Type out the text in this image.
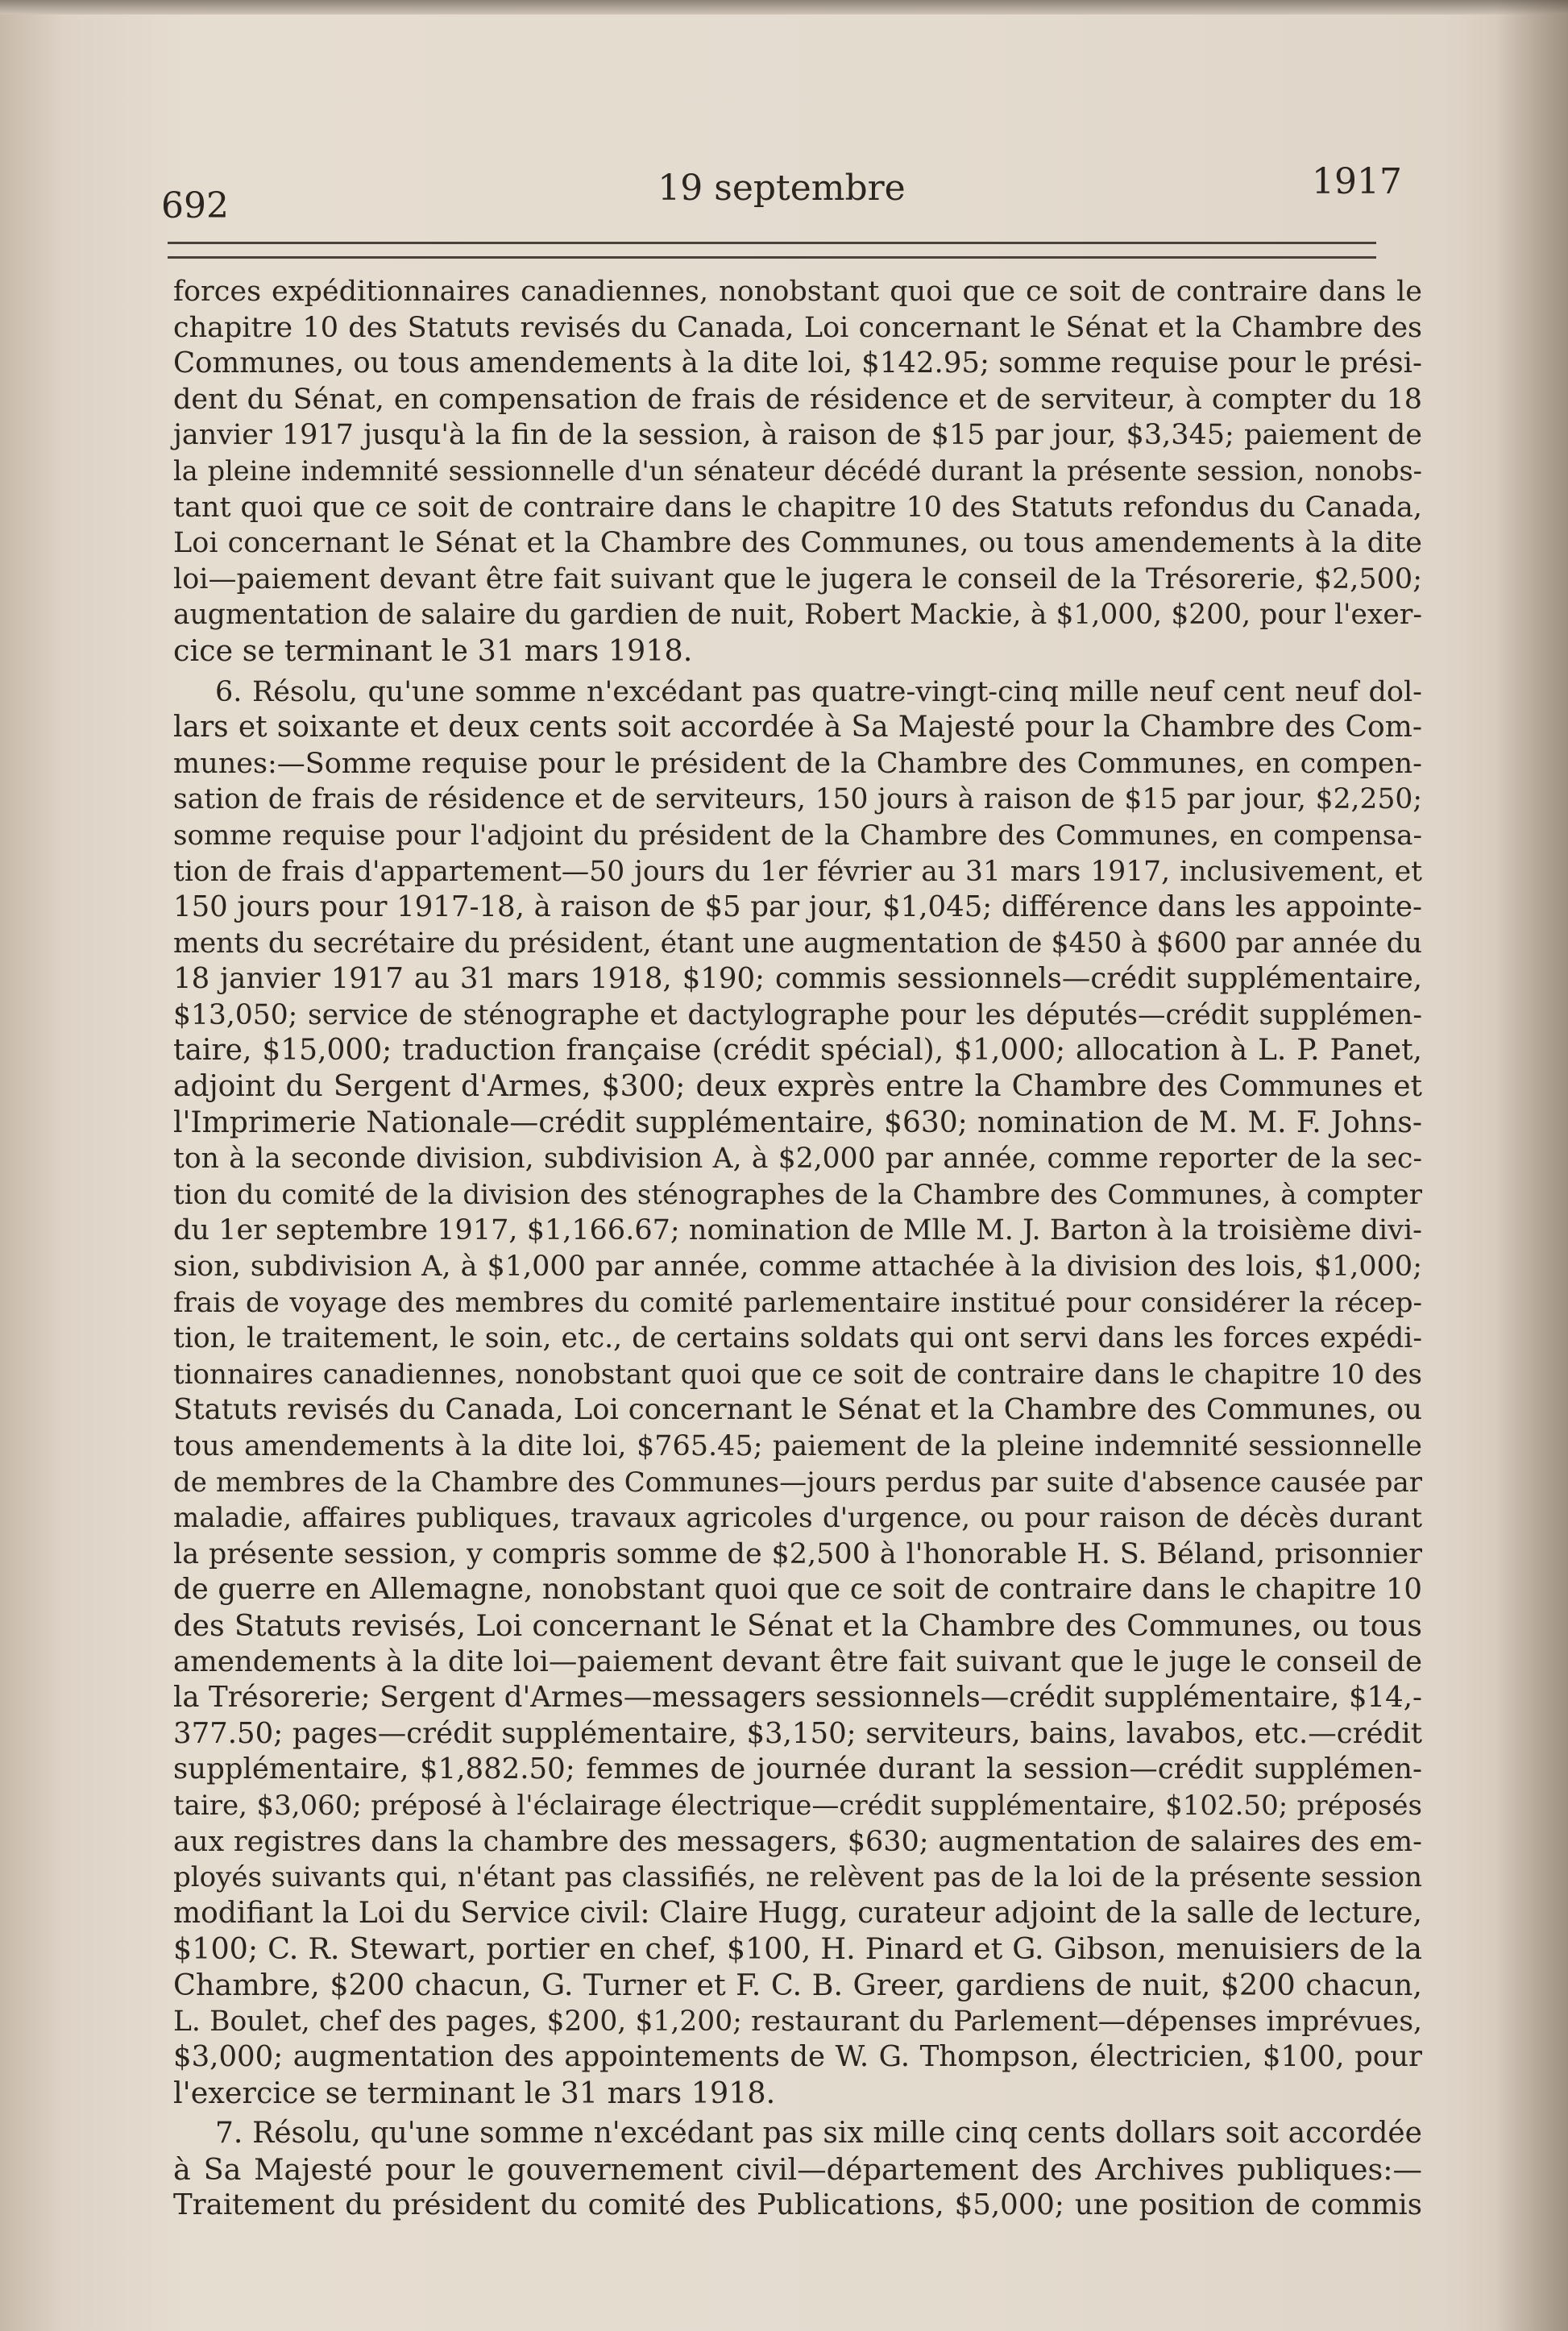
692	19 septembre	1917

forces expéditionnaires canadiennes, nonobstant quoi que ce soit de contraire dans le

chapitre 10 des Statuts revisés du Canada, Loi concernant le Sénat et la Chambre des

Communes, ou tous amendements à la dite loi, $142.95; somme requise pour le prési-

dent du Sénat, en compensation de frais de résidence et de serviteur, à compter du 18

janvier 1917 jusqu'à la fin de la session, à raison de $15 par jour, $3,345; paiement de

la pleine indemnité sessionnelle d'un sénateur décédé durant la présente session, nonobs-

tant quoi que ce soit de contraire dans le chapitre 10 des Statuts refondus du Canada,

Loi concernant le Sénat et la Chambre des Communes, ou tous amendements à la dite

loi—paiement devant être fait suivant que le jugera le conseil de la Trésorerie, $2,500;

augmentation de salaire du gardien de nuit, Robert Mackie, à $1,000, $200, pour l'exer-

cice se terminant le 31 mars 1918.

6. Résolu, qu'une somme n'excédant pas quatre-vingt-cinq mille neuf cent neuf dol-

lars et soixante et deux cents soit accordée à Sa Majesté pour la Chambre des Com-

munes:—Somme requise pour le président de la Chambre des Communes, en compen-

sation de frais de résidence et de serviteurs, 150 jours à raison de $15 par jour, $2,250;

somme requise pour l'adjoint du président de la Chambre des Communes, en compensa-

tion de frais d'appartement—50 jours du 1er février au 31 mars 1917, inclusivement, et

150 jours pour 1917-18, à raison de $5 par jour, $1,045; différence dans les appointe-

ments du secrétaire du président, étant une augmentation de $450 à $600 par année du

18 janvier 1917 au 31 mars 1918, $190; commis sessionnels—crédit supplémentaire,

$13,050; service de sténographe et dactylographe pour les députés—crédit supplémen-

taire, $15,000; traduction française (crédit spécial), $1,000; allocation à L. P. Panet,

adjoint du Sergent d'Armes, $300; deux exprès entre la Chambre des Communes et

l'Imprimerie Nationale—crédit supplémentaire, $630; nomination de M. M. F. Johns-

ton à la seconde division, subdivision A, à $2,000 par année, comme reporter de la sec-

tion du comité de la division des sténographes de la Chambre des Communes, à compter

du 1er septembre 1917, $1,166.67; nomination de Mlle M. J. Barton à la troisième divi-

sion, subdivision A, à $1,000 par année, comme attachée à la division des lois, $1,000;

frais de voyage des membres du comité parlementaire institué pour considérer la récep-

tion, le traitement, le soin, etc., de certains soldats qui ont servi dans les forces expédi-

tionnaires canadiennes, nonobstant quoi que ce soit de contraire dans le chapitre 10 des

Statuts revisés du Canada, Loi concernant le Sénat et la Chambre des Communes, ou

tous amendements à la dite loi, $765.45; paiement de la pleine indemnité sessionnelle

de membres de la Chambre des Communes—jours perdus par suite d'absence causée par

maladie, affaires publiques, travaux agricoles d'urgence, ou pour raison de décès durant

la présente session, y compris somme de $2,500 à l'honorable H. S. Béland, prisonnier

de guerre en Allemagne, nonobstant quoi que ce soit de contraire dans le chapitre 10

des Statuts revisés, Loi concernant le Sénat et la Chambre des Communes, ou tous

amendements à la dite loi—paiement devant être fait suivant que le juge le conseil de

la Trésorerie; Sergent d'Armes—messagers sessionnels—crédit supplémentaire, $14,-

377.50; pages—crédit supplémentaire, $3,150; serviteurs, bains, lavabos, etc.—crédit

supplémentaire, $1,882.50; femmes de journée durant la session—crédit supplémen-

taire, $3,060; préposé à l'éclairage électrique—crédit supplémentaire, $102.50; préposés

aux registres dans la chambre des messagers, $630; augmentation de salaires des em-

ployés suivants qui, n'étant pas classifiés, ne relèvent pas de la loi de la présente session

modifiant la Loi du Service civil: Claire Hugg, curateur adjoint de la salle de lecture,

$100; C. R. Stewart, portier en chef, $100, H. Pinard et G. Gibson, menuisiers de la

Chambre, $200 chacun, G. Turner et F. C. B. Greer, gardiens de nuit, $200 chacun,

L. Boulet, chef des pages, $200, $1,200; restaurant du Parlement—dépenses imprévues,

$3,000; augmentation des appointements de W. G. Thompson, électricien, $100, pour

l'exercice se terminant le 31 mars 1918.

7. Résolu, qu'une somme n'excédant pas six mille cinq cents dollars soit accordée

à Sa Majesté pour le gouvernement civil—département des Archives publiques:—

Traitement du président du comité des Publications, $5,000; une position de commis
